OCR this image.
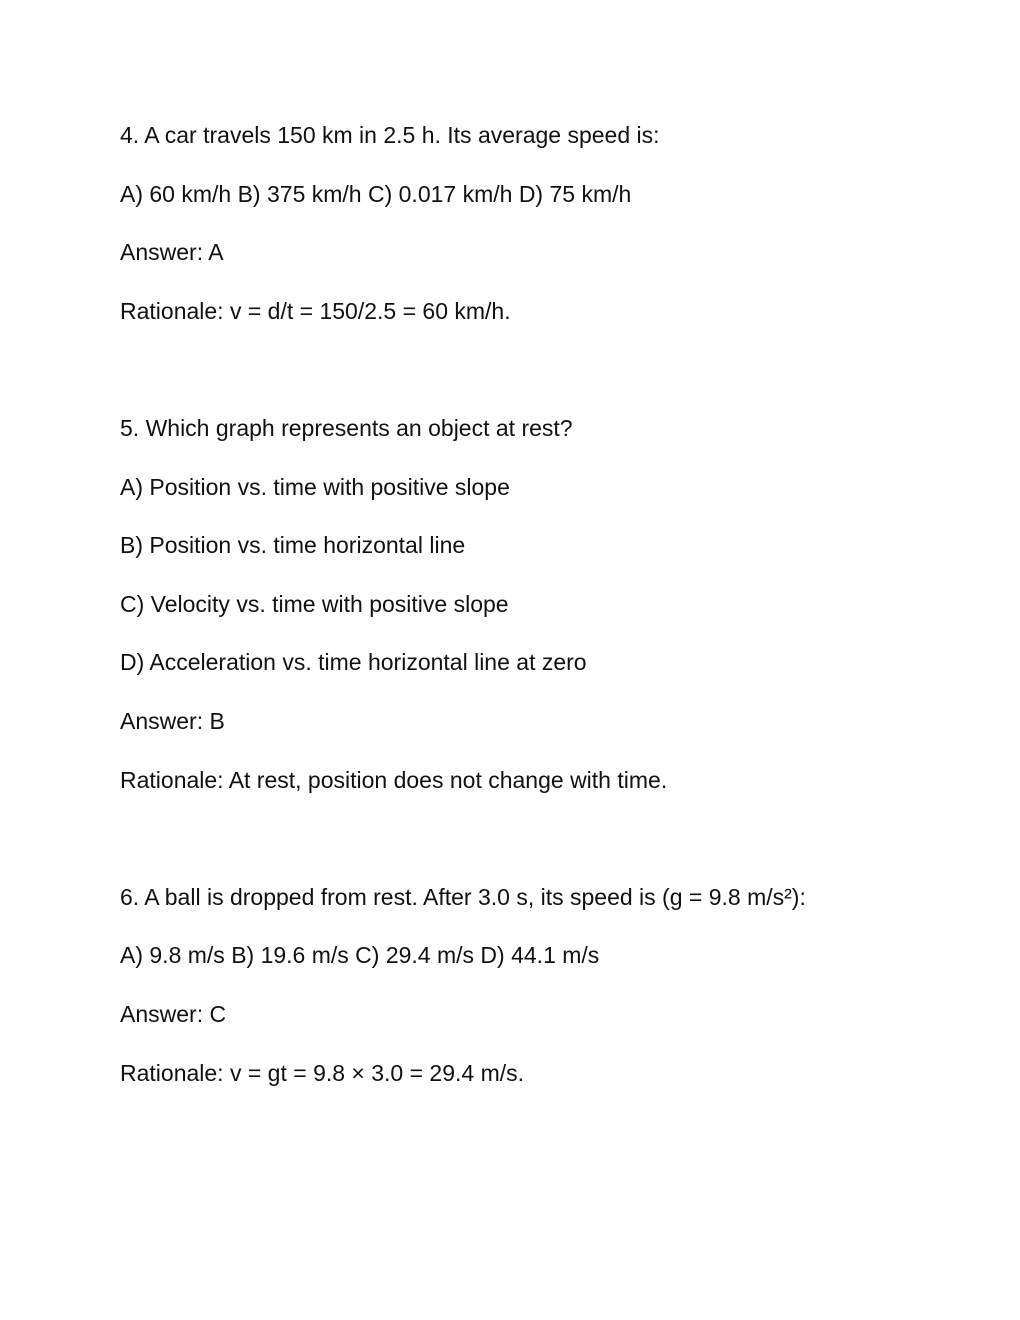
4. A car travels 150 km in 2.5 h. Its average speed is:

A) 60 km/h B) 375 km/h C) 0.017 km/h D) 75 km/h

Answer: A

Rationale: v = d/t = 150/2.5 = 60 km/h.

5. Which graph represents an object at rest?

A) Position vs. time with positive slope

B) Position vs. time horizontal line

C) Velocity vs. time with positive slope

D) Acceleration vs. time horizontal line at zero

Answer: B

Rationale: At rest, position does not change with time.

6. A ball is dropped from rest. After 3.0 s, its speed is (g = 9.8 m/s²):

A) 9.8 m/s B) 19.6 m/s C) 29.4 m/s D) 44.1 m/s

Answer: C

Rationale: v = gt = 9.8 × 3.0 = 29.4 m/s.
